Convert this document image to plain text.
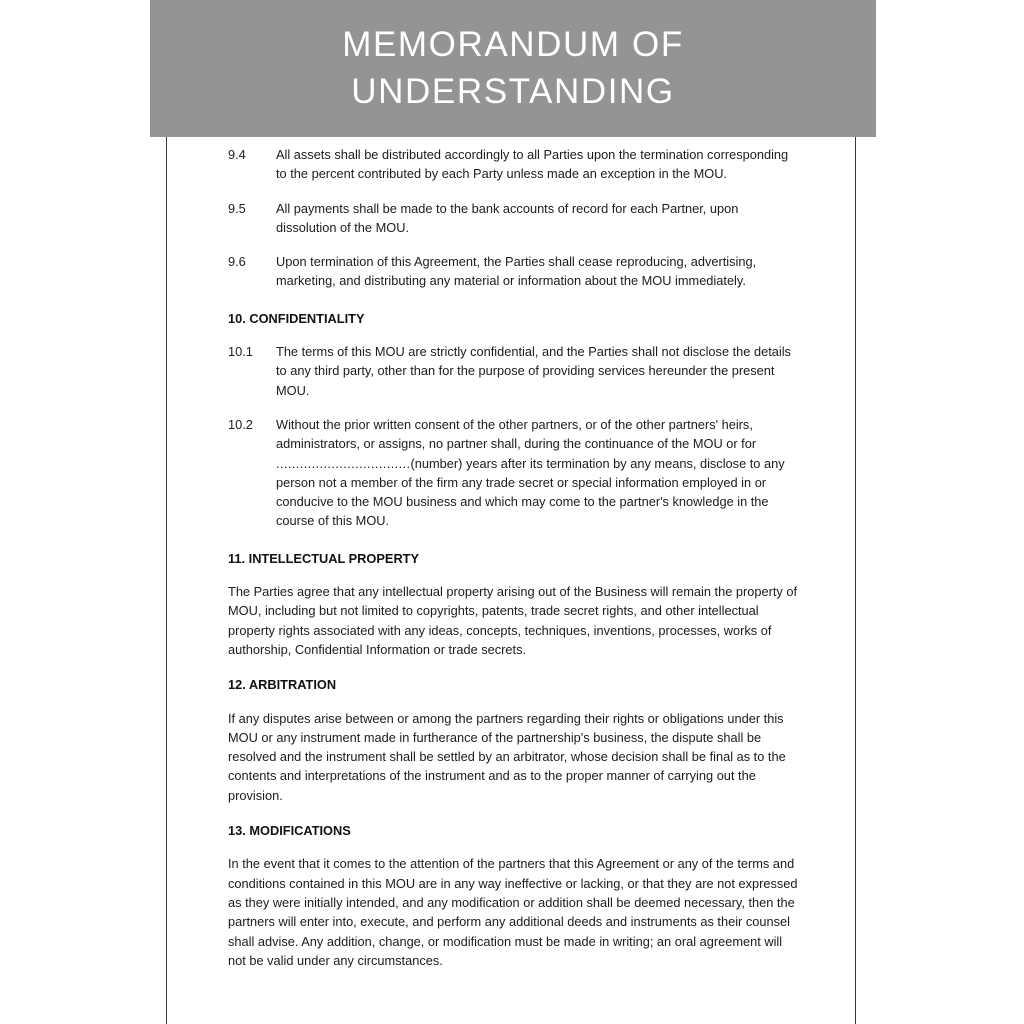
MEMORANDUM OF UNDERSTANDING
9.4	All assets shall be distributed accordingly to all Parties upon the termination corresponding to the percent contributed by each Party unless made an exception in the MOU.
9.5	All payments shall be made to the bank accounts of record for each Partner, upon dissolution of the MOU.
9.6	Upon termination of this Agreement, the Parties shall cease reproducing, advertising, marketing, and distributing any material or information about the MOU immediately.
10. CONFIDENTIALITY
10.1	The terms of this MOU are strictly confidential, and the Parties shall not disclose the details to any third party, other than for the purpose of providing services hereunder the present MOU.
10.2	Without the prior written consent of the other partners, or of the other partners' heirs, administrators, or assigns, no partner shall, during the continuance of the MOU or for ..................................(number) years after its termination by any means, disclose to any person not a member of the firm any trade secret or special information employed in or conducive to the MOU business and which may come to the partner's knowledge in the course of this MOU.
11. INTELLECTUAL PROPERTY

The Parties agree that any intellectual property arising out of the Business will remain the property of MOU, including but not limited to copyrights, patents, trade secret rights, and other intellectual property rights associated with any ideas, concepts, techniques, inventions, processes, works of authorship, Confidential Information or trade secrets.

12. ARBITRATION

If any disputes arise between or among the partners regarding their rights or obligations under this MOU or any instrument made in furtherance of the partnership's business, the dispute shall be resolved and the instrument shall be settled by an arbitrator, whose decision shall be final as to the contents and interpretations of the instrument and as to the proper manner of carrying out the provision.

13. MODIFICATIONS

In the event that it comes to the attention of the partners that this Agreement or any of the terms and conditions contained in this MOU are in any way ineffective or lacking, or that they are not expressed as they were initially intended, and any modification or addition shall be deemed necessary, then the partners will enter into, execute, and perform any additional deeds and instruments as their counsel shall advise. Any addition, change, or modification must be made in writing; an oral agreement will not be valid under any circumstances.
